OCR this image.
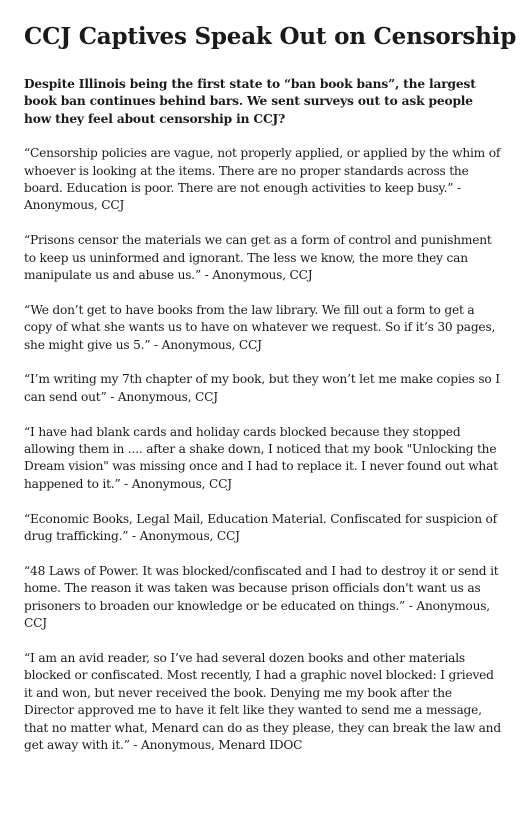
CCJ Captives Speak Out on Censorship

Despite Illinois being the first state to “ban book bans”, the largest book ban continues behind bars. We sent surveys out to ask people how they feel about censorship in CCJ?

“Censorship policies are vague, not properly applied, or applied by the whim of whoever is looking at the items. There are no proper standards across the board. Education is poor. There are not enough activities to keep busy.” - Anonymous, CCJ

“Prisons censor the materials we can get as a form of control and punishment to keep us uninformed and ignorant. The less we know, the more they can manipulate us and abuse us.” - Anonymous, CCJ

“We don’t get to have books from the law library. We fill out a form to get a copy of what she wants us to have on whatever we request. So if it’s 30 pages, she might give us 5.” - Anonymous, CCJ

“I’m writing my 7th chapter of my book, but they won’t let me make copies so I can send out” - Anonymous, CCJ

“I have had blank cards and holiday cards blocked because they stopped allowing them in .... after a shake down, I noticed that my book "Unlocking the Dream vision" was missing once and I had to replace it. I never found out what happened to it.” - Anonymous, CCJ

“Economic Books, Legal Mail, Education Material. Confiscated for suspicion of drug trafficking.” - Anonymous, CCJ

“48 Laws of Power. It was blocked/confiscated and I had to destroy it or send it home. The reason it was taken was because prison officials don't want us as prisoners to broaden our knowledge or be educated on things.” - Anonymous, CCJ

“I am an avid reader, so I’ve had several dozen books and other materials blocked or confiscated. Most recently, I had a graphic novel blocked: I grieved it and won, but never received the book. Denying me my book after the Director approved me to have it felt like they wanted to send me a message, that no matter what, Menard can do as they please, they can break the law and get away with it.” - Anonymous, Menard IDOC
